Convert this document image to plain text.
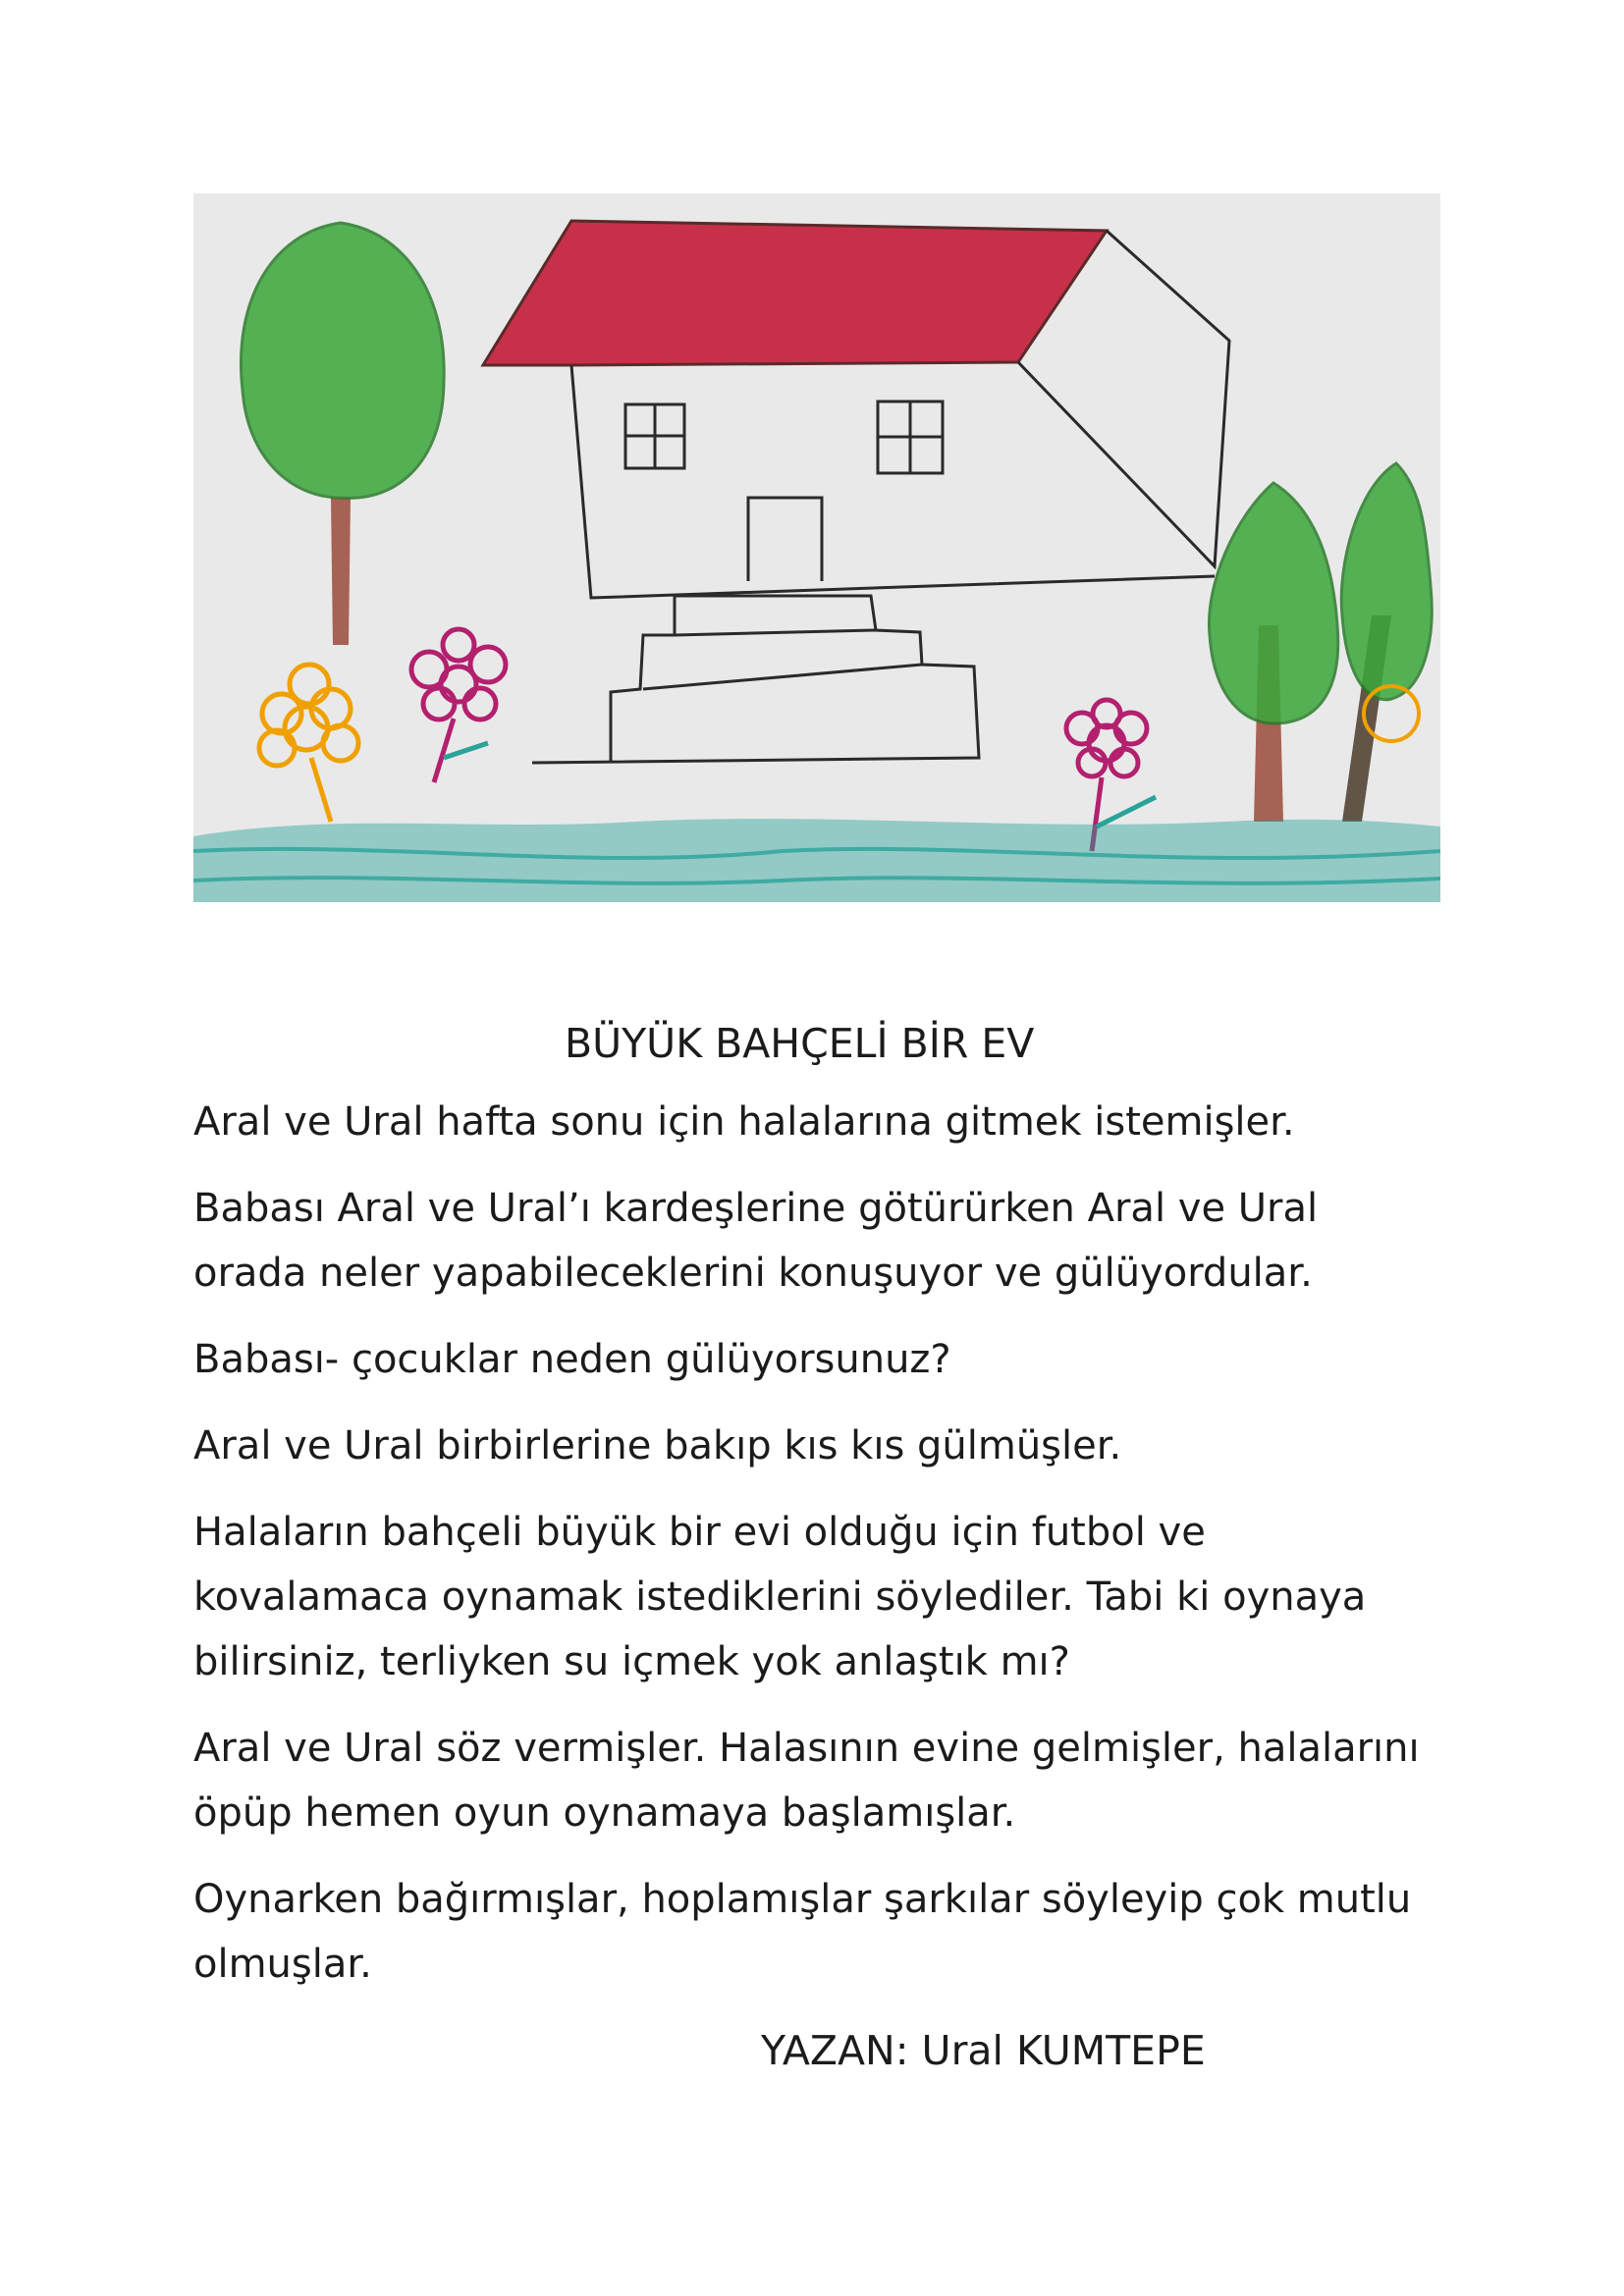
BÜYÜK BAHÇELİ BİR EV

Aral ve Ural hafta sonu için halalarına gitmek istemişler.

Babası Aral ve Ural’ı kardeşlerine götürürken Aral ve Ural
orada neler yapabileceklerini konuşuyor ve gülüyordular.

Babası- çocuklar neden gülüyorsunuz?

Aral ve Ural birbirlerine bakıp kıs kıs gülmüşler.

Halaların bahçeli büyük bir evi olduğu için futbol ve
kovalamaca oynamak istediklerini söylediler. Tabi ki oynaya
bilirsiniz, terliyken su içmek yok anlaştık mı?

Aral ve Ural söz vermişler. Halasının evine gelmişler, halalarını
öpüp hemen oyun oynamaya başlamışlar.

Oynarken bağırmışlar, hoplamışlar şarkılar söyleyip çok mutlu
olmuşlar.

YAZAN: Ural KUMTEPE
